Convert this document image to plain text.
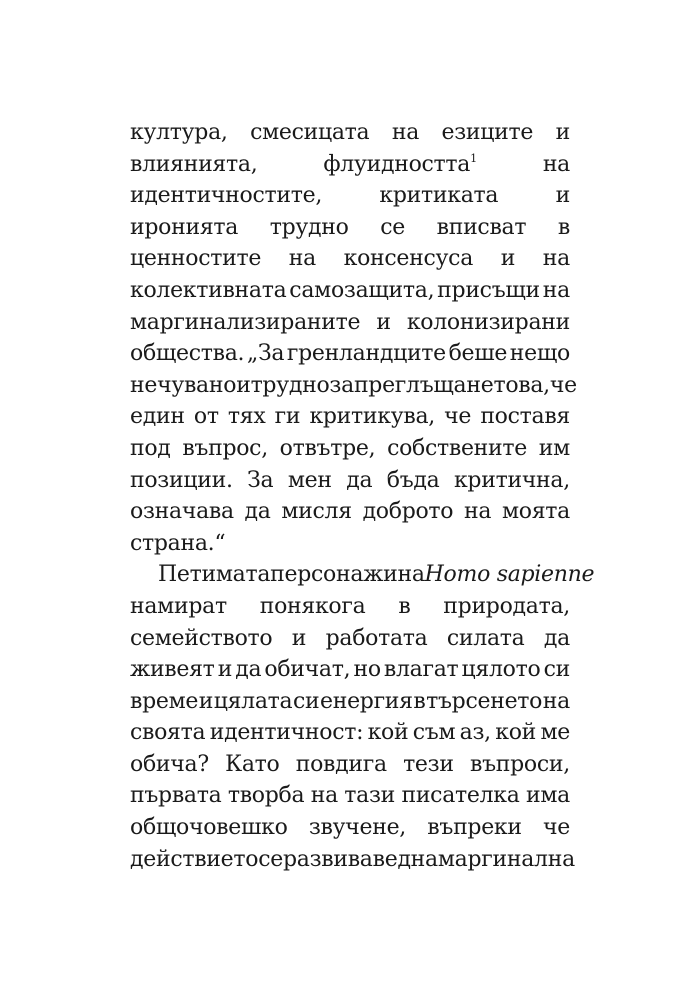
култура, смесицата на езиците и
влиянията,	флуидността$^1$	на
идентичностите,	критиката	и
иронията трудно се вписват в
ценностите на консенсуса и на
колективната самозащита, присъщи на
маргинализираните и колонизирани
общества. „За гренландците беше нещо
нечувано и трудно за преглъщане това, че
един от тях ги критикува, че поставя
под въпрос, отвътре, собствените им
позиции. За мен да бъда критична,
означава да мисля доброто на моята
страна.“
Петимата персонажи на Homo sapienne
намират понякога в природата,
семейството и работата силата да
живеят и да обичат, но влагат цялото си
време и цялата си енергия в търсенето на
своята идентичност: кой съм аз, кой ме
обича? Като повдига тези въпроси,
първата творба на тази писателка има
общочовешко звучене, въпреки че
действието се развива в една маргинална
